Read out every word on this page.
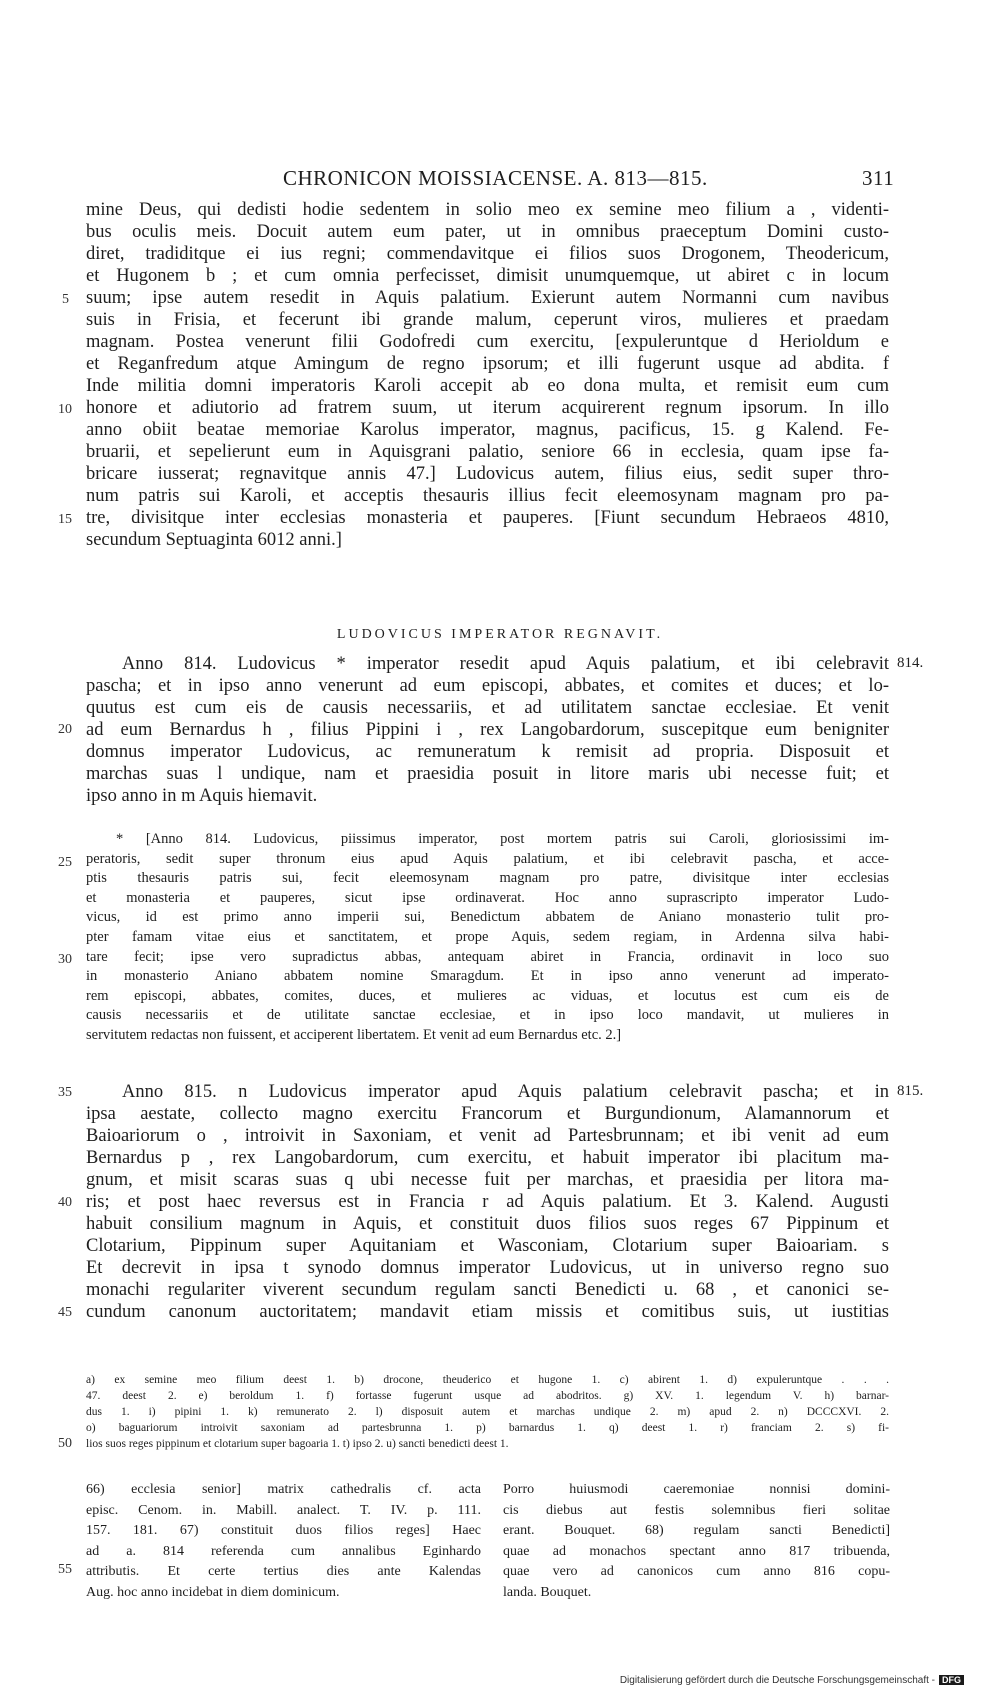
CHRONICON MOISSIACENSE. A. 813—815.	311
mine Deus, qui dedisti hodie sedentem in solio meo ex semine meo filium a , videnti-
bus oculis meis. Docuit autem eum pater, ut in omnibus praeceptum Domini custo-
diret, tradiditque ei ius regni; commendavitque ei filios suos Drogonem, Theodericum,
et Hugonem b ; et cum omnia perfecisset, dimisit unumquemque, ut abiret c in locum
suum; ipse autem resedit in Aquis palatium. Exierunt autem Normanni cum navibus
suis in Frisia, et fecerunt ibi grande malum, ceperunt viros, mulieres et praedam
magnam. Postea venerunt filii Godofredi cum exercitu, [expuleruntque d Herioldum e
et Reganfredum atque Amingum de regno ipsorum; et illi fugerunt usque ad abdita. f
Inde militia domni imperatoris Karoli accepit ab eo dona multa, et remisit eum cum
honore et adiutorio ad fratrem suum, ut iterum acquirerent regnum ipsorum. In illo
anno obiit beatae memoriae Karolus imperator, magnus, pacificus, 15. g Kalend. Fe-
bruarii, et sepelierunt eum in Aquisgrani palatio, seniore 66 in ecclesia, quam ipse fa-
bricare iusserat; regnavitque annis 47.] Ludovicus autem, filius eius, sedit super thro-
num patris sui Karoli, et acceptis thesauris illius fecit eleemosynam magnam pro pa-
tre, divisitque inter ecclesias monasteria et pauperes. [Fiunt secundum Hebraeos 4810,
secundum Septuaginta 6012 anni.]
5
10
15
LUDOVICUS IMPERATOR REGNAVIT.
Anno 814. Ludovicus * imperator resedit apud Aquis palatium, et ibi celebravit
pascha; et in ipso anno venerunt ad eum episcopi, abbates, et comites et duces; et lo-
quutus est cum eis de causis necessariis, et ad utilitatem sanctae ecclesiae. Et venit
ad eum Bernardus h , filius Pippini i , rex Langobardorum, suscepitque eum benigniter
domnus imperator Ludovicus, ac remuneratum k remisit ad propria. Disposuit et
marchas suas l undique, nam et praesidia posuit in litore maris ubi necesse fuit; et
ipso anno in m Aquis hiemavit.
814.
20
* [Anno 814. Ludovicus, piissimus imperator, post mortem patris sui Caroli, gloriosissimi im-
peratoris, sedit super thronum eius apud Aquis palatium, et ibi celebravit pascha, et acce-
ptis thesauris patris sui, fecit eleemosynam magnam pro patre, divisitque inter ecclesias
et monasteria et pauperes, sicut ipse ordinaverat. Hoc anno suprascripto imperator Ludo-
vicus, id est primo anno imperii sui, Benedictum abbatem de Aniano monasterio tulit pro-
pter famam vitae eius et sanctitatem, et prope Aquis, sedem regiam, in Ardenna silva habi-
tare fecit; ipse vero supradictus abbas, antequam abiret in Francia, ordinavit in loco suo
in monasterio Aniano abbatem nomine Smaragdum. Et in ipso anno venerunt ad imperato-
rem episcopi, abbates, comites, duces, et mulieres ac viduas, et locutus est cum eis de
causis necessariis et de utilitate sanctae ecclesiae, et in ipso loco mandavit, ut mulieres in
servitutem redactas non fuissent, et acciperent libertatem. Et venit ad eum Bernardus etc. 2.]
25
30
Anno 815. n Ludovicus imperator apud Aquis palatium celebravit pascha; et in
ipsa aestate, collecto magno exercitu Francorum et Burgundionum, Alamannorum et
Baioariorum o , introivit in Saxoniam, et venit ad Partesbrunnam; et ibi venit ad eum
Bernardus p , rex Langobardorum, cum exercitu, et habuit imperator ibi placitum ma-
gnum, et misit scaras suas q ubi necesse fuit per marchas, et praesidia per litora ma-
ris; et post haec reversus est in Francia r ad Aquis palatium. Et 3. Kalend. Augusti
habuit consilium magnum in Aquis, et constituit duos filios suos reges 67 Pippinum et
Clotarium, Pippinum super Aquitaniam et Wasconiam, Clotarium super Baioariam. s
Et decrevit in ipsa t synodo domnus imperator Ludovicus, ut in universo regno suo
monachi regulariter viverent secundum regulam sancti Benedicti u. 68 , et canonici se-
cundum canonum auctoritatem; mandavit etiam missis et comitibus suis, ut iustitias
815.
35
40
45
a) ex semine meo filium deest 1. b) drocone, theuderico et hugone 1. c) abirent 1. d) expuleruntque . . .
47. deest 2. e) beroldum 1. f) fortasse fugerunt usque ad abodritos. g) XV. 1. legendum V. h) barnar-
dus 1. i) pipini 1. k) remunerato 2. l) disposuit autem et marchas undique 2. m) apud 2. n) DCCCXVI. 2.
o) baguariorum introivit saxoniam ad partesbrunna 1. p) barnardus 1. q) deest 1. r) franciam 2. s) fi-
lios suos reges pippinum et clotarium super bagoaria 1. t) ipso 2. u) sancti benedicti deest 1.
50
66) ecclesia senior] matrix cathedralis cf. acta
episc. Cenom. in. Mabill. analect. T. IV. p. 111.
157. 181. 67) constituit duos filios reges] Haec
ad a. 814 referenda cum annalibus Eginhardo
attributis. Et certe tertius dies ante Kalendas
Aug. hoc anno incidebat in diem dominicum.
55
Porro huiusmodi caeremoniae nonnisi domini-
cis diebus aut festis solemnibus fieri solitae
erant. Bouquet. 68) regulam sancti Benedicti]
quae ad monachos spectant anno 817 tribuenda,
quae vero ad canonicos cum anno 816 copu-
landa. Bouquet.
Digitalisierung gefördert durch die Deutsche Forschungsgemeinschaft - DFG
